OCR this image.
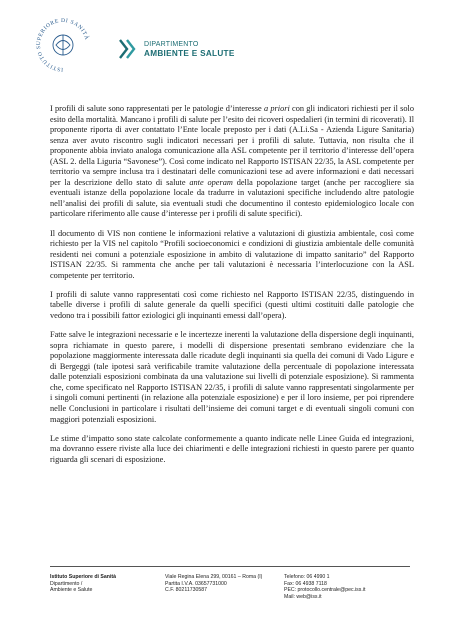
ISTITUTO SUPERIORE DI SANITÀ
DIPARTIMENTO
AMBIENTE E SALUTE

I profili di salute sono rappresentati per le patologie d’interesse a priori con gli indicatori richiesti per il solo esito della mortalità. Mancano i profili di salute per l’esito dei ricoveri ospedalieri (in termini di ricoverati). Il proponente riporta di aver contattato l’Ente locale preposto per i dati (A.Li.Sa - Azienda Ligure Sanitaria) senza aver avuto riscontro sugli indicatori necessari per i profili di salute. Tuttavia, non risulta che il proponente abbia inviato analoga comunicazione alla ASL competente per il territorio d’interesse dell’opera (ASL 2. della Liguria “Savonese”). Così come indicato nel Rapporto ISTISAN 22/35, la ASL competente per territorio va sempre inclusa tra i destinatari delle comunicazioni tese ad avere informazioni e dati necessari per la descrizione dello stato di salute ante operam della popolazione target (anche per raccogliere sia eventuali istanze della popolazione locale da tradurre in valutazioni specifiche includendo altre patologie nell’analisi dei profili di salute, sia eventuali studi che documentino il contesto epidemiologico locale con particolare riferimento alle cause d’interesse per i profili di salute specifici).

Il documento di VIS non contiene le informazioni relative a valutazioni di giustizia ambientale, così come richiesto per la VIS nel capitolo “Profili socioeconomici e condizioni di giustizia ambientale delle comunità residenti nei comuni a potenziale esposizione in ambito di valutazione di impatto sanitario” del Rapporto ISTISAN 22/35. Si rammenta che anche per tali valutazioni è necessaria l’interlocuzione con la ASL competente per territorio.

I profili di salute vanno rappresentati così come richiesto nel Rapporto ISTISAN 22/35, distinguendo in tabelle diverse i profili di salute generale da quelli specifici (questi ultimi costituiti dalle patologie che vedono tra i possibili fattor eziologici gli inquinanti emessi dall’opera).

Fatte salve le integrazioni necessarie e le incertezze inerenti la valutazione della dispersione degli inquinanti, sopra richiamate in questo parere, i modelli di dispersione presentati sembrano evidenziare che la popolazione maggiormente interessata dalle ricadute degli inquinanti sia quella dei comuni di Vado Ligure e di Bergeggi (tale ipotesi sarà verificabile tramite valutazione della percentuale di popolazione interessata dalle potenziali esposizioni combinata da una valutazione sui livelli di potenziale esposizione). Si rammenta che, come specificato nel Rapporto ISTISAN 22/35, i profili di salute vanno rappresentati singolarmente per i singoli comuni pertinenti (in relazione alla potenziale esposizione) e per il loro insieme, per poi riprendere nelle Conclusioni in particolare i risultati dell’insieme dei comuni target e di eventuali singoli comuni con maggiori potenziali esposizioni.

Le stime d’impatto sono state calcolate conformemente a quanto indicate nelle Linee Guida ed integrazioni, ma dovranno essere riviste alla luce dei chiarimenti e delle integrazioni richiesti in questo parere per quanto riguarda gli scenari di esposizione.

Istituto Superiore di Sanità
Dipartimento /
Ambiente e Salute
Viale Regina Elena 299, 00161 – Roma (I)
Partita I.V.A. 03657731000
C.F. 80211730587
Telefono: 06 4990 1
Fax: 06 4938 7118
PEC: protocollo.centrale@pec.iss.it
Mail: web@iss.it
